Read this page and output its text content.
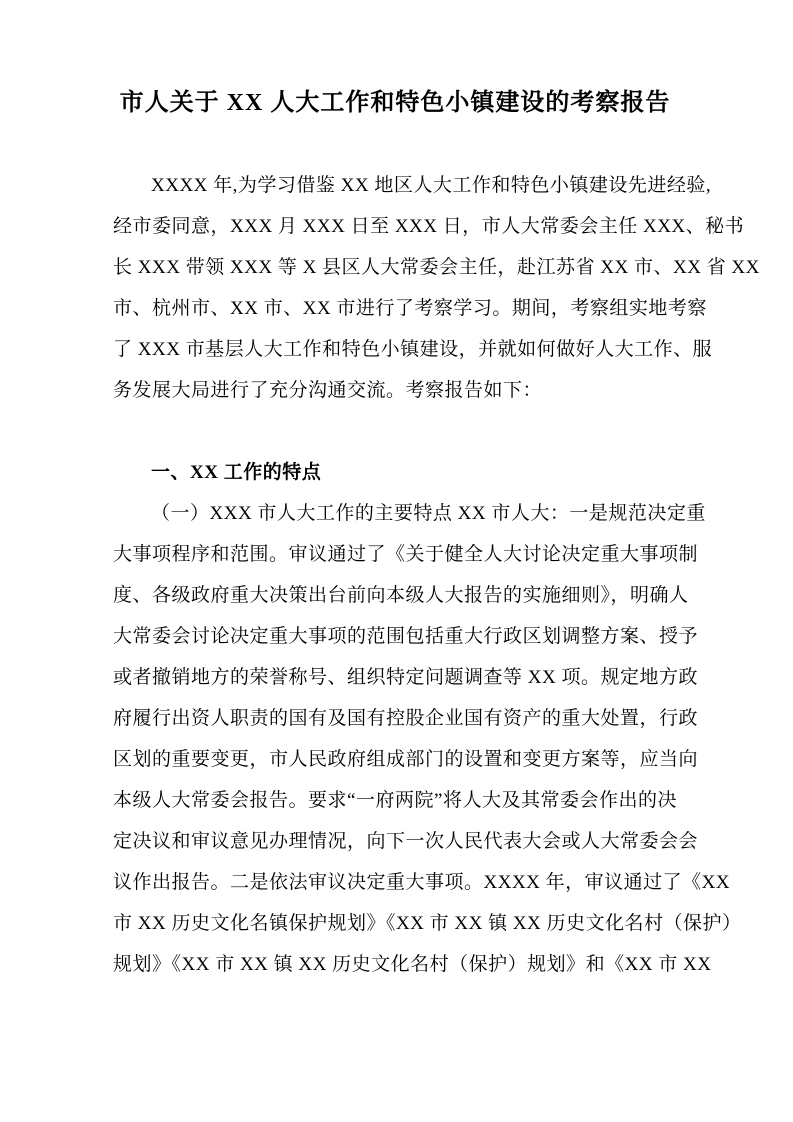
市人关于 XX 人大工作和特色小镇建设的考察报告
XXXX 年,为学习借鉴 XX 地区人大工作和特色小镇建设先进经验,
经市委同意，XXX 月 XXX 日至 XXX 日，市人大常委会主任 XXX、秘书
长 XXX 带领 XXX 等 X 县区人大常委会主任，赴江苏省 XX 市、XX 省 XX
市、杭州市、XX 市、XX 市进行了考察学习。期间，考察组实地考察
了 XXX 市基层人大工作和特色小镇建设，并就如何做好人大工作、服
务发展大局进行了充分沟通交流。考察报告如下：
一、XX 工作的特点
（一）XXX 市人大工作的主要特点 XX 市人大：一是规范决定重
大事项程序和范围。审议通过了《关于健全人大讨论决定重大事项制
度、各级政府重大决策出台前向本级人大报告的实施细则》，明确人
大常委会讨论决定重大事项的范围包括重大行政区划调整方案、授予
或者撤销地方的荣誉称号、组织特定问题调查等 XX 项。规定地方政
府履行出资人职责的国有及国有控股企业国有资产的重大处置，行政
区划的重要变更，市人民政府组成部门的设置和变更方案等，应当向
本级人大常委会报告。要求“一府两院”将人大及其常委会作出的决
定决议和审议意见办理情况，向下一次人民代表大会或人大常委会会
议作出报告。二是依法审议决定重大事项。XXXX 年，审议通过了《XX
市 XX 历史文化名镇保护规划》《XX 市 XX 镇 XX 历史文化名村（保护）
规划》《XX 市 XX 镇 XX 历史文化名村（保护）规划》和《XX 市 XX
